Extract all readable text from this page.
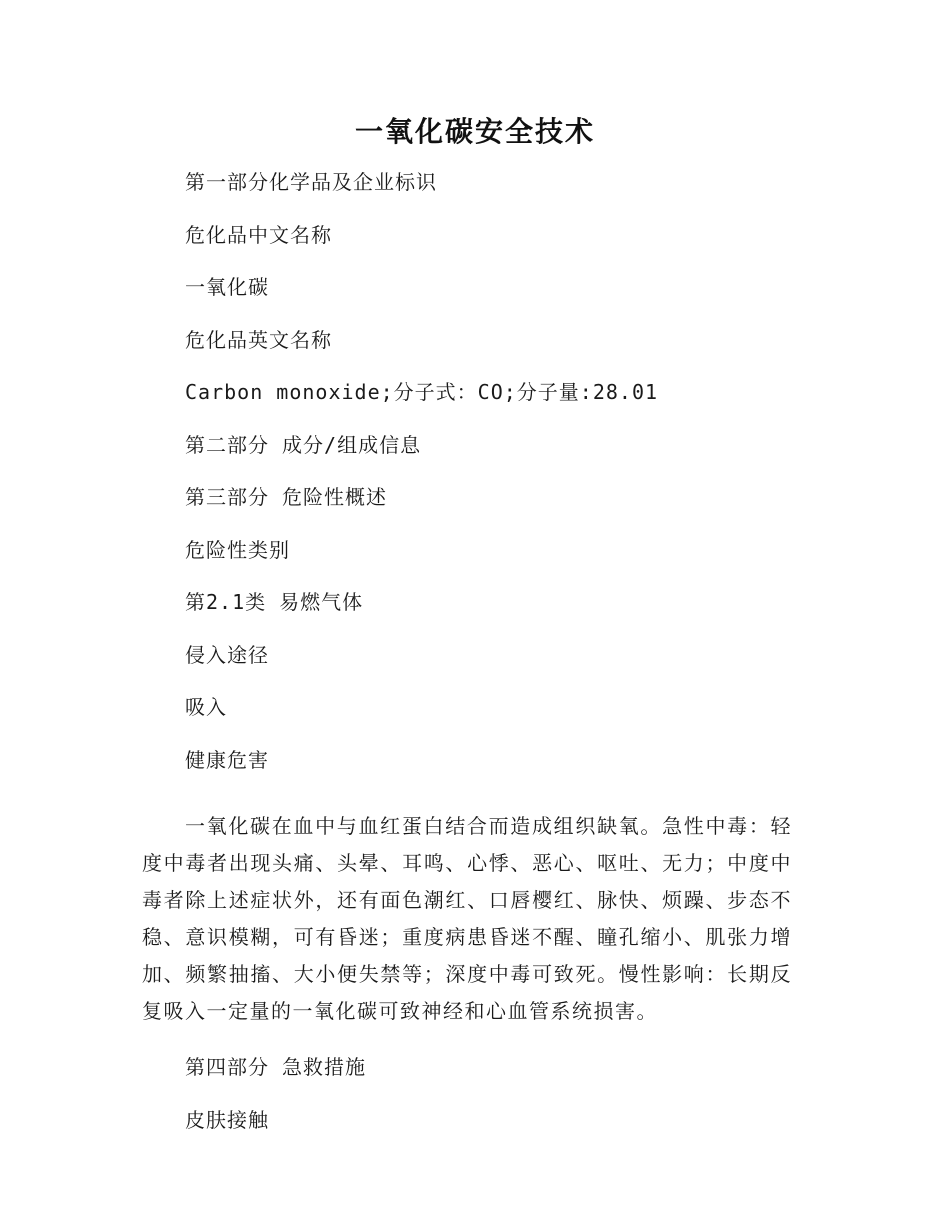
一氧化碳安全技术

第一部分化学品及企业标识

危化品中文名称

一氧化碳

危化品英文名称

Carbon monoxide;分子式：CO;分子量:28.01

第二部分 成分/组成信息

第三部分 危险性概述

危险性类别

第2.1类 易燃气体

侵入途径

吸入

健康危害

一氧化碳在血中与血红蛋白结合而造成组织缺氧。急性中毒：轻度中毒者出现头痛、头晕、耳鸣、心悸、恶心、呕吐、无力；中度中毒者除上述症状外，还有面色潮红、口唇樱红、脉快、烦躁、步态不稳、意识模糊，可有昏迷；重度病患昏迷不醒、瞳孔缩小、肌张力增加、频繁抽搐、大小便失禁等；深度中毒可致死。慢性影响：长期反复吸入一定量的一氧化碳可致神经和心血管系统损害。

第四部分 急救措施

皮肤接触
